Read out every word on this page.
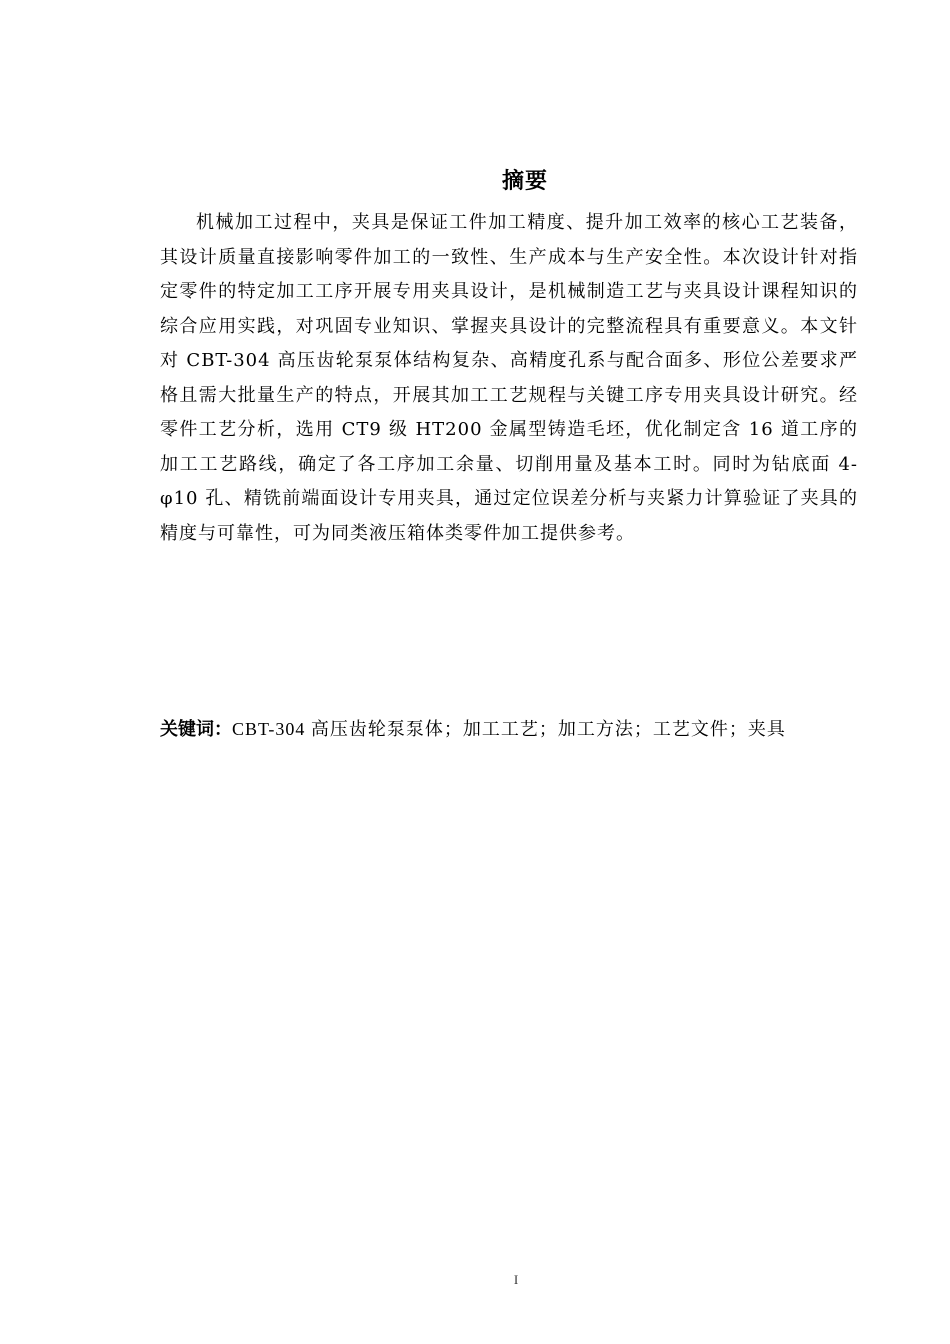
摘要

机械加工过程中，夹具是保证工件加工精度、提升加工效率的核心工艺装备，其设计质量直接影响零件加工的一致性、生产成本与生产安全性。本次设计针对指定零件的特定加工工序开展专用夹具设计，是机械制造工艺与夹具设计课程知识的综合应用实践，对巩固专业知识、掌握夹具设计的完整流程具有重要意义。本文针对 CBT-304 高压齿轮泵泵体结构复杂、高精度孔系与配合面多、形位公差要求严格且需大批量生产的特点，开展其加工工艺规程与关键工序专用夹具设计研究。经零件工艺分析，选用 CT9 级 HT200 金属型铸造毛坯，优化制定含 16 道工序的加工工艺路线，确定了各工序加工余量、切削用量及基本工时。同时为钻底面 4-φ10 孔、精铣前端面设计专用夹具，通过定位误差分析与夹紧力计算验证了夹具的精度与可靠性，可为同类液压箱体类零件加工提供参考。

关键词：CBT-304 高压齿轮泵泵体；加工工艺；加工方法；工艺文件；夹具

I
